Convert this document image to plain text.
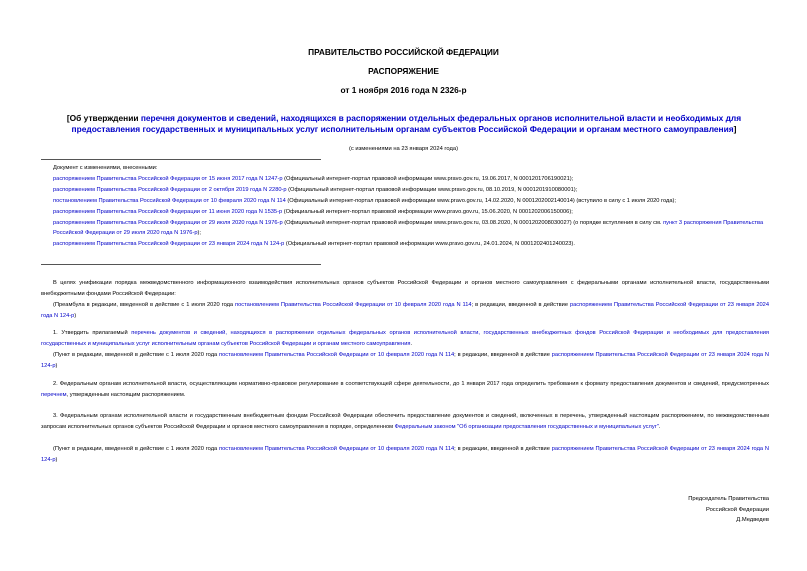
ПРАВИТЕЛЬСТВО РОССИЙСКОЙ ФЕДЕРАЦИИ
РАСПОРЯЖЕНИЕ
от 1 ноября 2016 года N 2326-р
[Об утверждении перечня документов и сведений, находящихся в распоряжении отдельных федеральных органов исполнительной власти и необходимых для предоставления государственных и муниципальных услуг исполнительным органам субъектов Российской Федерации и органам местного самоуправления]
(с изменениями на 23 января 2024 года)
Документ с изменениями, внесенными:
распоряжением Правительства Российской Федерации от 15 июня 2017 года N 1247-р (Официальный интернет-портал правовой информации www.pravo.gov.ru, 19.06.2017, N 0001201706190021);
распоряжением Правительства Российской Федерации от 2 октября 2019 года N 2280-р (Официальный интернет-портал правовой информации www.pravo.gov.ru, 08.10.2019, N 0001201910080001);
постановлением Правительства Российской Федерации от 10 февраля 2020 года N 114 (Официальный интернет-портал правовой информации www.pravo.gov.ru, 14.02.2020, N 0001202002140014) (вступило в силу с 1 июля 2020 года);
распоряжением Правительства Российской Федерации от 11 июня 2020 года N 1535-р (Официальный интернет-портал правовой информации www.pravo.gov.ru, 15.06.2020, N 0001202006150006);
распоряжением Правительства Российской Федерации от 29 июля 2020 года N 1976-р (Официальный интернет-портал правовой информации www.pravo.gov.ru, 03.08.2020, N 0001202008030027) (о порядке вступления в силу см. пункт 3 распоряжения Правительства Российской Федерации от 29 июля 2020 года N 1976-р);
распоряжением Правительства Российской Федерации от 23 января 2024 года N 124-р (Официальный интернет-портал правовой информации www.pravo.gov.ru, 24.01.2024, N 0001202401240023).
В целях унификации порядка межведомственного информационного взаимодействия исполнительных органов субъектов Российской Федерации и органов местного самоуправления с федеральными органами исполнительной власти, государственными внебюджетными фондами Российской Федерации:
(Преамбула в редакции, введенной в действие с 1 июля 2020 года постановлением Правительства Российской Федерации от 10 февраля 2020 года N 114; в редакции, введенной в действие распоряжением Правительства Российской Федерации от 23 января 2024 года N 124-р)
1. Утвердить прилагаемый перечень документов и сведений, находящихся в распоряжении отдельных федеральных органов исполнительной власти, государственных внебюджетных фондов Российской Федерации и необходимых для предоставления государственных и муниципальных услуг исполнительным органам субъектов Российской Федерации и органам местного самоуправления.
(Пункт в редакции, введенной в действие с 1 июля 2020 года постановлением Правительства Российской Федерации от 10 февраля 2020 года N 114; в редакции, введенной в действие распоряжением Правительства Российской Федерации от 23 января 2024 года N 124-р)
2. Федеральным органам исполнительной власти, осуществляющим нормативно-правовое регулирование в соответствующей сфере деятельности, до 1 января 2017 года определить требования к формату предоставления документов и сведений, предусмотренных перечнем, утвержденным настоящим распоряжением.
3. Федеральным органам исполнительной власти и государственным внебюджетным фондам Российской Федерации обеспечить предоставление документов и сведений, включенных в перечень, утвержденный настоящим распоряжением, по межведомственным запросам исполнительных органов субъектов Российской Федерации и органов местного самоуправления в порядке, определенном Федеральным законом "Об организации предоставления государственных и муниципальных услуг".
(Пункт в редакции, введенной в действие с 1 июля 2020 года постановлением Правительства Российской Федерации от 10 февраля 2020 года N 114; в редакции, введенной в действие распоряжением Правительства Российской Федерации от 23 января 2024 года N 124-р)
Председатель Правительства
Российской Федерации
Д.Медведев
